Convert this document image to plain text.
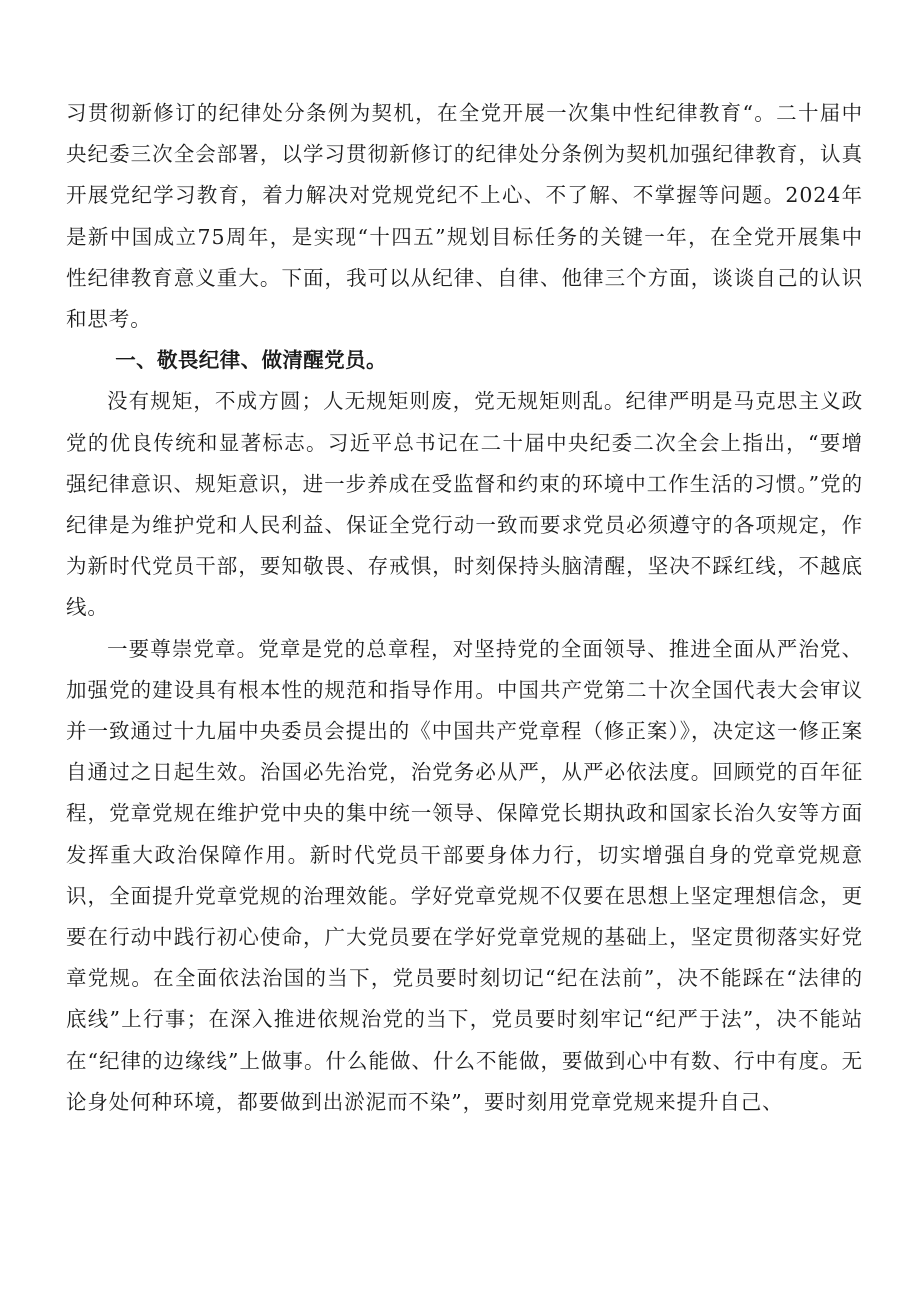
习贯彻新修订的纪律处分条例为契机，在全党开展一次集中性纪律教育“。二十届中央纪委三次全会部署，以学习贯彻新修订的纪律处分条例为契机加强纪律教育，认真开展党纪学习教育，着力解决对党规党纪不上心、不了解、不掌握等问题。2024年是新中国成立75周年，是实现“十四五”规划目标任务的关键一年，在全党开展集中性纪律教育意义重大。下面，我可以从纪律、自律、他律三个方面，谈谈自己的认识和思考。

一、敬畏纪律、做清醒党员。

没有规矩，不成方圆；人无规矩则废，党无规矩则乱。纪律严明是马克思主义政党的优良传统和显著标志。习近平总书记在二十届中央纪委二次全会上指出，“要增强纪律意识、规矩意识，进一步养成在受监督和约束的环境中工作生活的习惯。”党的纪律是为维护党和人民利益、保证全党行动一致而要求党员必须遵守的各项规定，作为新时代党员干部，要知敬畏、存戒惧，时刻保持头脑清醒，坚决不踩红线，不越底线。

一要尊崇党章。党章是党的总章程，对坚持党的全面领导、推进全面从严治党、加强党的建设具有根本性的规范和指导作用。中国共产党第二十次全国代表大会审议并一致通过十九届中央委员会提出的《中国共产党章程（修正案）》，决定这一修正案自通过之日起生效。治国必先治党，治党务必从严，从严必依法度。回顾党的百年征程，党章党规在维护党中央的集中统一领导、保障党长期执政和国家长治久安等方面发挥重大政治保障作用。新时代党员干部要身体力行，切实增强自身的党章党规意识，全面提升党章党规的治理效能。学好党章党规不仅要在思想上坚定理想信念，更要在行动中践行初心使命，广大党员要在学好党章党规的基础上，坚定贯彻落实好党章党规。在全面依法治国的当下，党员要时刻切记“纪在法前”，决不能踩在“法律的底线”上行事；在深入推进依规治党的当下，党员要时刻牢记“纪严于法”，决不能站在“纪律的边缘线”上做事。什么能做、什么不能做，要做到心中有数、行中有度。无论身处何种环境，都要做到出淤泥而不染”，要时刻用党章党规来提升自己、
